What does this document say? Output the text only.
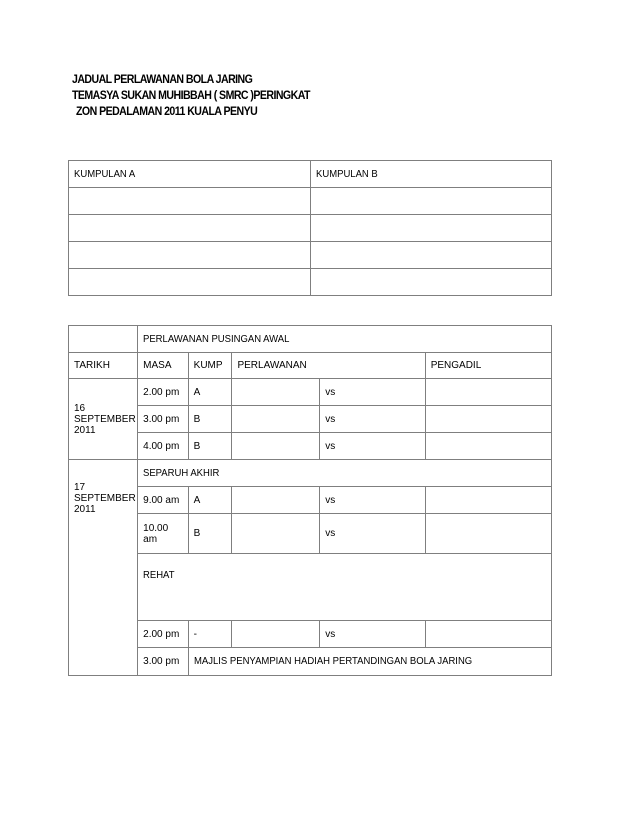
JADUAL PERLAWANAN BOLA JARING
TEMASYA SUKAN MUHIBBAH ( SMRC )PERINGKAT
ZON PEDALAMAN 2011 KUALA PENYU
KUMPULAN A	KUMPULAN B

	PERLAWANAN PUSINGAN AWAL				
TARIKH	MASA	KUMP	PERLAWANAN		PENGADIL

16 SEPTEMBER 2011	2.00 pm	A		vs	
	3.00 pm	B		vs	
	4.00 pm	B		vs	

17 SEPTEMBER 2011	SEPARUH AKHIR				
	9.00 am	A		vs	

	10.00 am	B		vs	
	REHAT				
	2.00 pm	-		vs	
	3.00 pm	MAJLIS PENYAMPIAN HADIAH PERTANDINGAN BOLA JARING			
